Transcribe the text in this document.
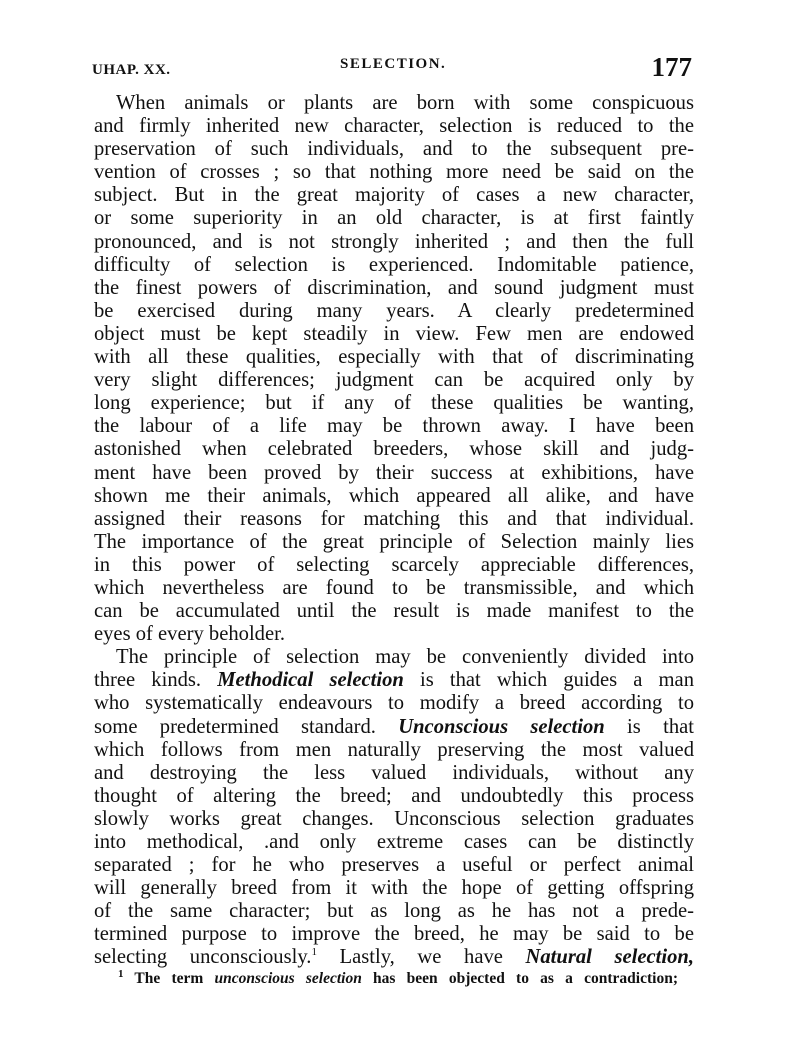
UHAP. XX.	SELECTION.	177
When animals or plants are born with some conspicuous
and firmly inherited new character, selection is reduced to the
preservation of such individuals, and to the subsequent pre-
vention of crosses ; so that nothing more need be said on the
subject. But in the great majority of cases a new character,
or some superiority in an old character, is at first faintly
pronounced, and is not strongly inherited ; and then the full
difficulty of selection is experienced. Indomitable patience,
the finest powers of discrimination, and sound judgment must
be exercised during many years. A clearly predetermined
object must be kept steadily in view. Few men are endowed
with all these qualities, especially with that of discriminating
very slight differences; judgment can be acquired only by
long experience; but if any of these qualities be wanting,
the labour of a life may be thrown away. I have been
astonished when celebrated breeders, whose skill and judg-
ment have been proved by their success at exhibitions, have
shown me their animals, which appeared all alike, and have
assigned their reasons for matching this and that individual.
The importance of the great principle of Selection mainly lies
in this power of selecting scarcely appreciable differences,
which nevertheless are found to be transmissible, and which
can be accumulated until the result is made manifest to the
eyes of every beholder.
The principle of selection may be conveniently divided into
three kinds. Methodical selection is that which guides a man
who systematically endeavours to modify a breed according to
some predetermined standard. Unconscious selection is that
which follows from men naturally preserving the most valued
and destroying the less valued individuals, without any
thought of altering the breed; and undoubtedly this process
slowly works great changes. Unconscious selection graduates
into methodical, .and only extreme cases can be distinctly
separated ; for he who preserves a useful or perfect animal
will generally breed from it with the hope of getting offspring
of the same character; but as long as he has not a prede-
termined purpose to improve the breed, he may be said to be
selecting unconsciously.$^1$ Lastly, we have Natural selection,
$^1$ The term unconscious selection has been objected to as a contradiction;
